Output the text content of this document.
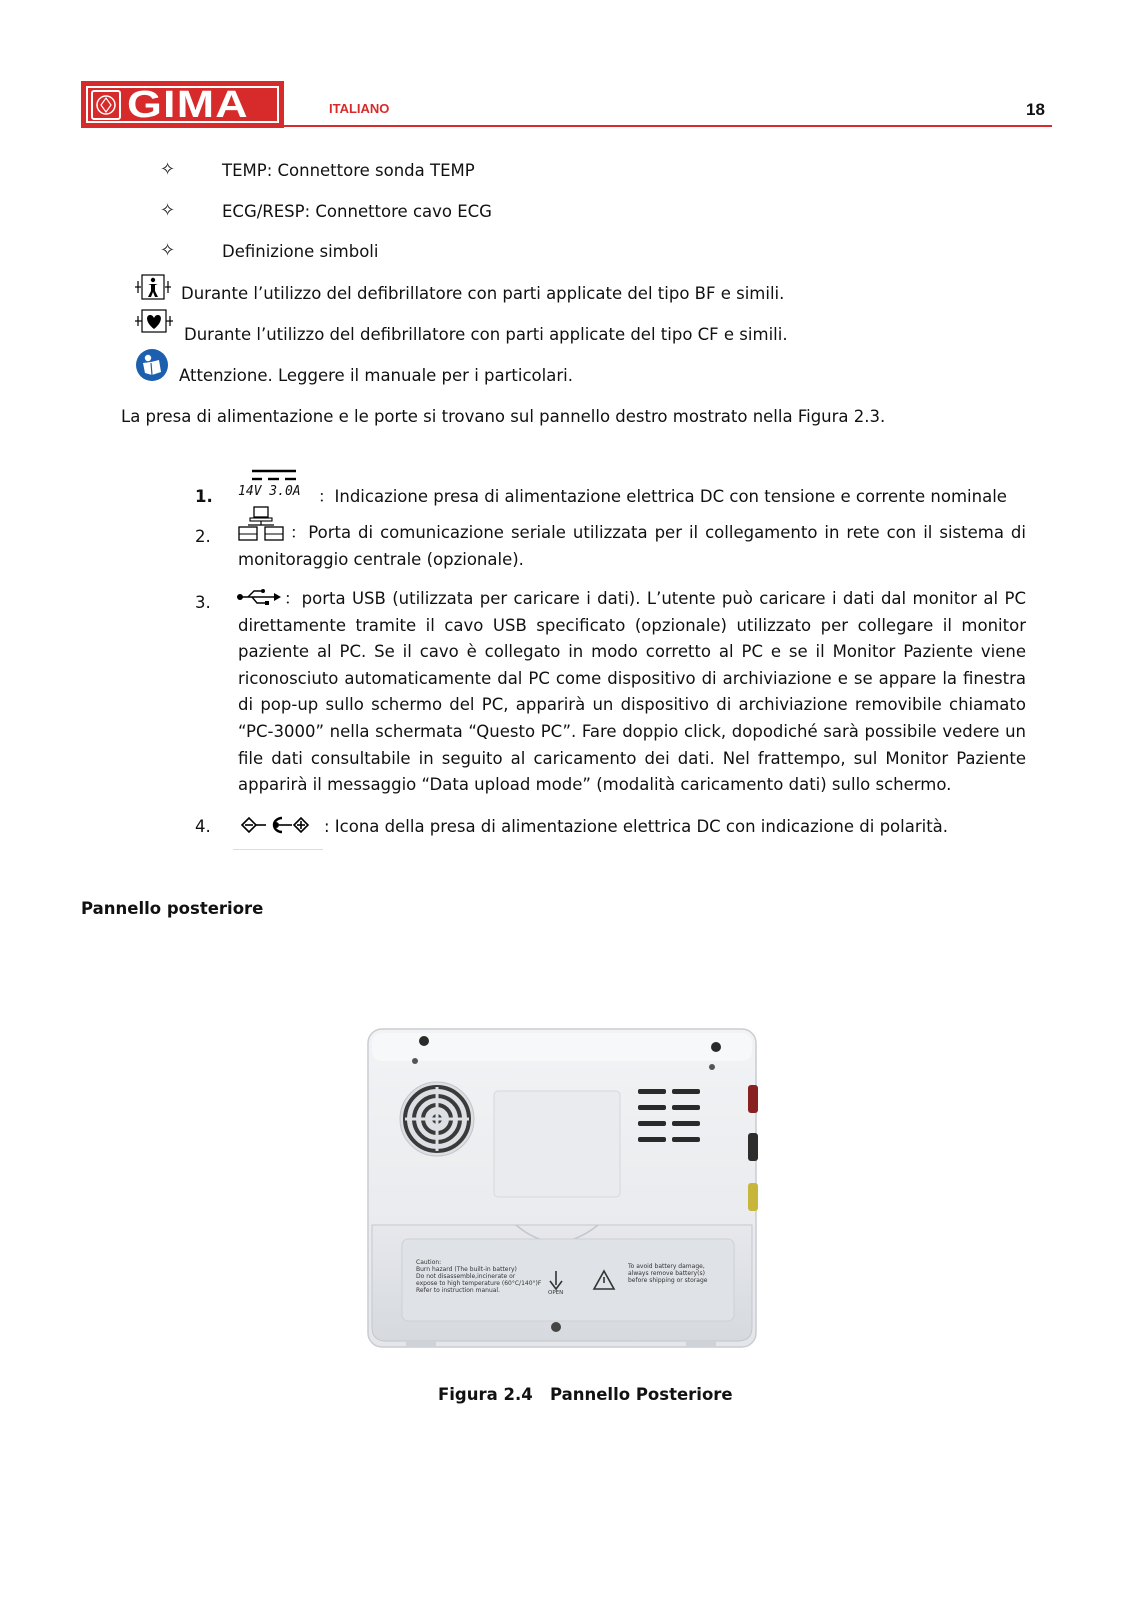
GIMA	ITALIANO	18
✧	TEMP: Connettore sonda TEMP
✧	ECG/RESP: Connettore cavo ECG
✧	Definizione simboli
Durante l’utilizzo del defibrillatore con parti applicate del tipo BF e simili.
Durante l’utilizzo del defibrillatore con parti applicate del tipo CF e simili.
Attenzione. Leggere il manuale per i particolari.
La presa di alimentazione e le porte si trovano sul pannello destro mostrato nella Figura 2.3.
1. 14V 3.0A ：Indicazione presa di alimentazione elettrica DC con tensione e corrente nominale
2.	：Porta di comunicazione seriale utilizzata per il collegamento in rete con il sistema di monitoraggio centrale (opzionale).
3.	：porta USB (utilizzata per caricare i dati). L’utente può caricare i dati dal monitor al PC direttamente tramite il cavo USB specificato (opzionale) utilizzato per collegare il monitor paziente al PC. Se il cavo è collegato in modo corretto al PC e se il Monitor Paziente viene riconosciuto automaticamente dal PC come dispositivo di archiviazione e se appare la finestra di pop-up sullo schermo del PC, apparirà un dispositivo di archiviazione removibile chiamato “PC-3000” nella schermata “Questo PC”. Fare doppio click, dopodiché sarà possibile vedere un file dati consultabile in seguito al caricamento dei dati. Nel frattempo, sul Monitor Paziente apparirà il messaggio “Data upload mode” (modalità caricamento dati) sullo schermo.
4.	: Icona della presa di alimentazione elettrica DC con indicazione di polarità.
Pannello posteriore
Caution:
Burn hazard (The built-in battery)
Do not disassemble,incinerate or
expose to high temperature (60°C/140°)F
Refer to instruction manual.	OPEN
To avoid battery damage,
always remove battery(s)
before shipping or storage
Figura 2.4   Pannello Posteriore
